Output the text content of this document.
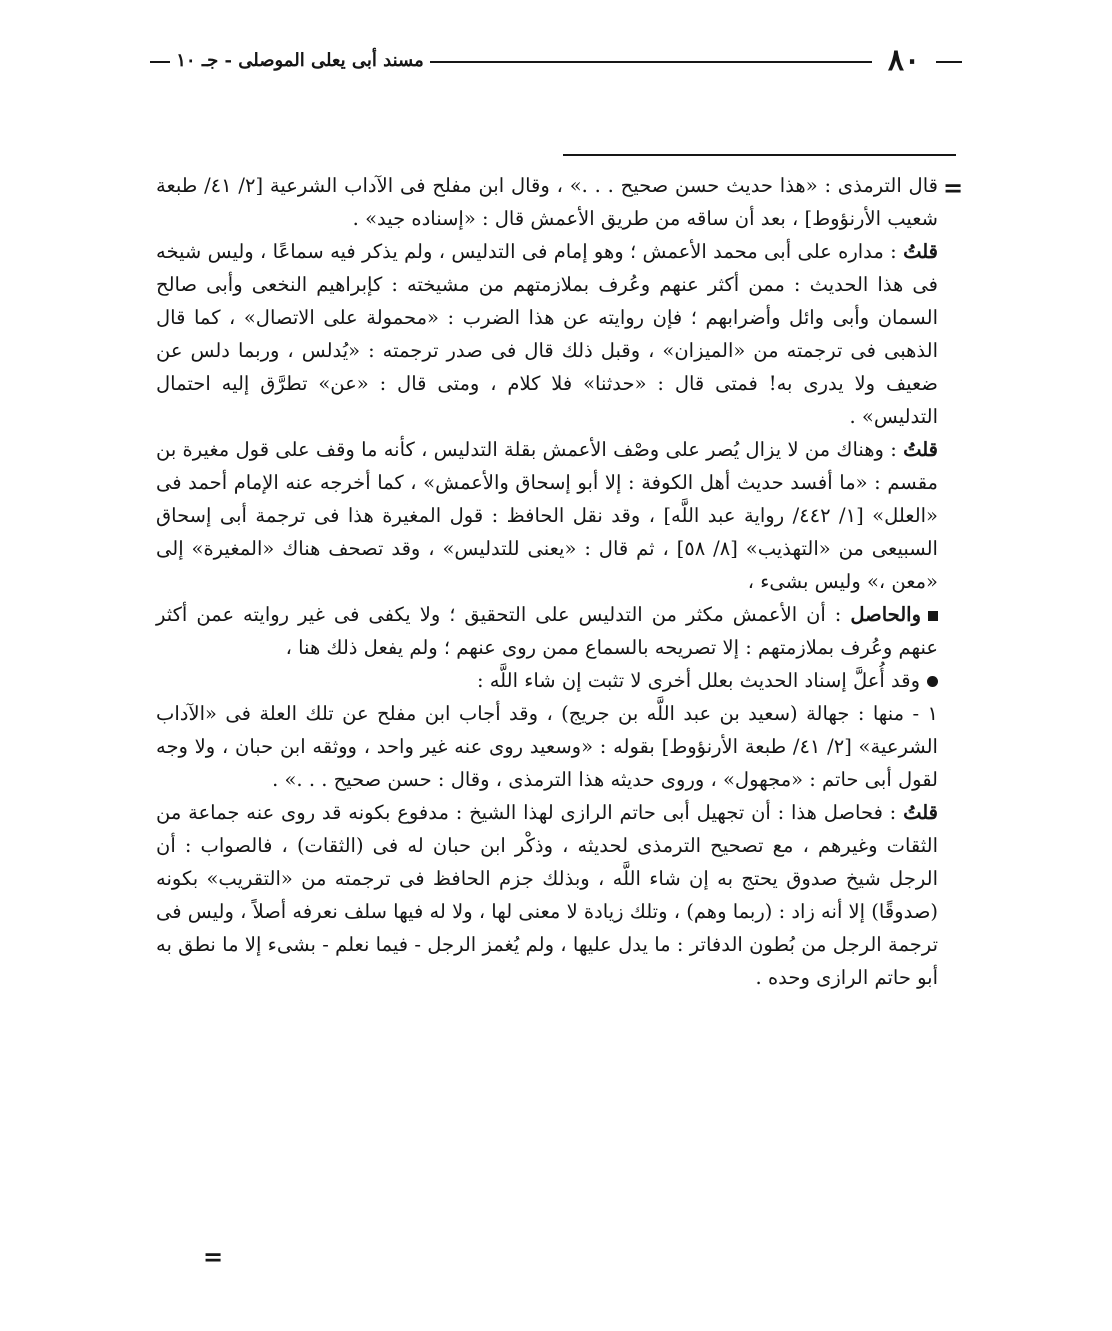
مسند أبى يعلى الموصلى - جـ ١٠	٨٠
=

قال الترمذى : «هذا حديث حسن صحيح . . .» ، وقال ابن مفلح فى الآداب الشرعية [٢/ ٤١/ طبعة شعيب الأرنؤوط] ، بعد أن ساقه من طريق الأعمش قال : «إسناده جيد» .

قلتُ : مداره على أبى محمد الأعمش ؛ وهو إمام فى التدليس ، ولم يذكر فيه سماعًا ، وليس شيخه فى هذا الحديث : ممن أكثر عنهم وعُرف بملازمتهم من مشيخته : كإبراهيم النخعى وأبى صالح السمان وأبى وائل وأضرابهم ؛ فإن روايته عن هذا الضرب : «محمولة على الاتصال» ، كما قال الذهبى فى ترجمته من «الميزان» ، وقبل ذلك قال فى صدر ترجمته : «يُدلس ، وربما دلس عن ضعيف ولا يدرى به! فمتى قال : «حدثنا» فلا كلام ، ومتى قال : «عن» تطرَّق إليه احتمال التدليس» .

قلتُ : وهناك من لا يزال يُصر على وصْف الأعمش بقلة التدليس ، كأنه ما وقف على قول مغيرة بن مقسم : «ما أفسد حديث أهل الكوفة : إلا أبو إسحاق والأعمش» ، كما أخرجه عنه الإمام أحمد فى «العلل» [١/ ٤٤٢/ رواية عبد اللَّه] ، وقد نقل الحافظ : قول المغيرة هذا فى ترجمة أبى إسحاق السبيعى من «التهذيب» [٨/ ٥٨] ، ثم قال : «يعنى للتدليس» ، وقد تصحف هناك «المغيرة» إلى «معن ،» وليس بشىء ،

والحاصل : أن الأعمش مكثر من التدليس على التحقيق ؛ ولا يكفى فى غير روايته عمن أكثر عنهم وعُرف بملازمتهم : إلا تصريحه بالسماع ممن روى عنهم ؛ ولم يفعل ذلك هنا ،

وقد أُعلَّ إسناد الحديث بعلل أخرى لا تثبت إن شاء اللَّه :

١ - منها : جهالة (سعيد بن عبد اللَّه بن جريج) ، وقد أجاب ابن مفلح عن تلك العلة فى «الآداب الشرعية» [٢/ ٤١/ طبعة الأرنؤوط] بقوله : «وسعيد روى عنه غير واحد ، ووثقه ابن حبان ، ولا وجه لقول أبى حاتم : «مجهول» ، وروى حديثه هذا الترمذى ، وقال : حسن صحيح . . .» .

قلتُ : فحاصل هذا : أن تجهيل أبى حاتم الرازى لهذا الشيخ : مدفوع بكونه قد روى عنه جماعة من الثقات وغيرهم ، مع تصحيح الترمذى لحديثه ، وذكْر ابن حبان له فى (الثقات) ، فالصواب : أن الرجل شيخ صدوق يحتج به إن شاء اللَّه ، وبذلك جزم الحافظ فى ترجمته من «التقريب» بكونه (صدوقًا) إلا أنه زاد : (ربما وهم) ، وتلك زيادة لا معنى لها ، ولا له فيها سلف نعرفه أصلاً ، وليس فى ترجمة الرجل من بُطون الدفاتر : ما يدل عليها ، ولم يُغمز الرجل - فيما نعلم - بشىء إلا ما نطق به أبو حاتم الرازى وحده .

=
